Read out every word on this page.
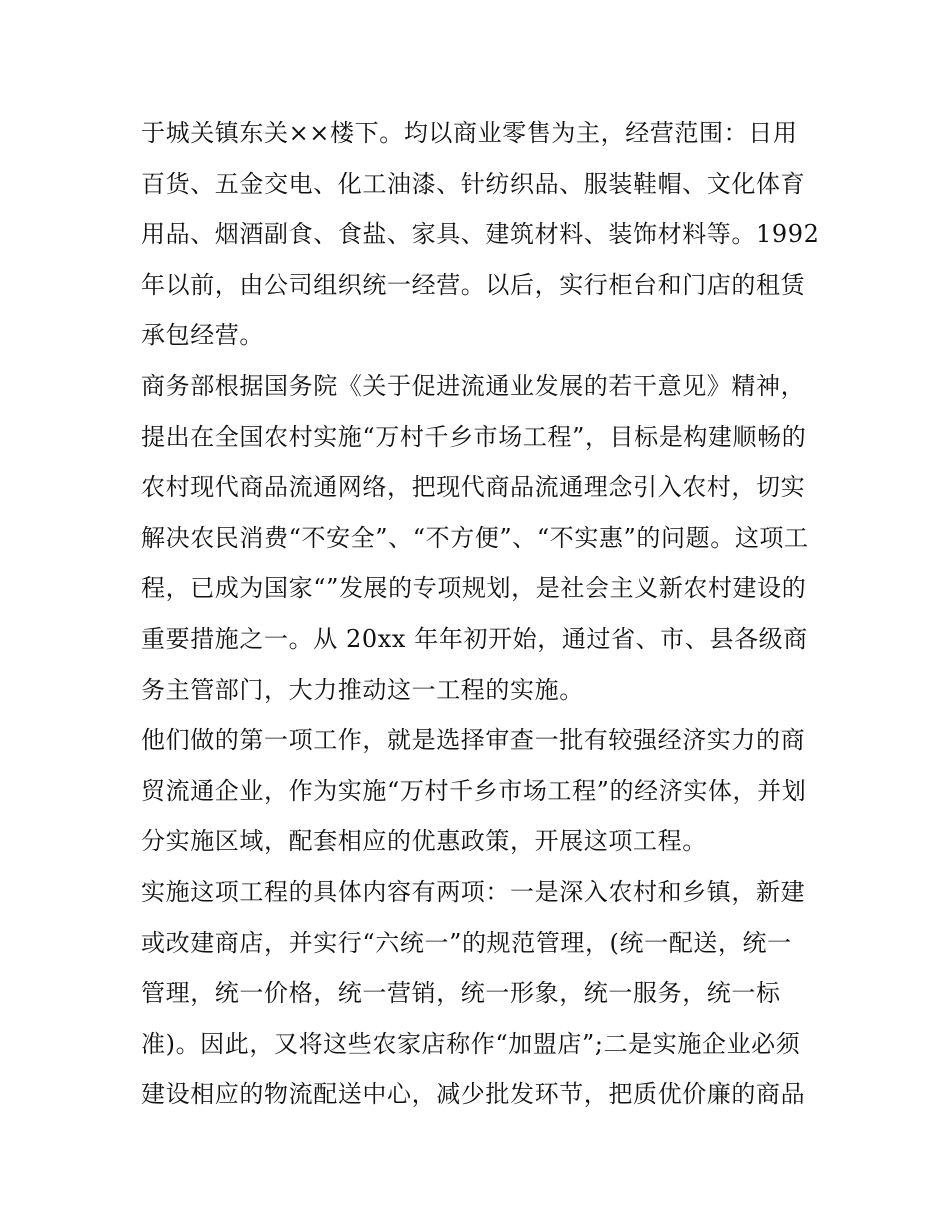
于城关镇东关××楼下。均以商业零售为主，经营范围：日用
百货、五金交电、化工油漆、针纺织品、服装鞋帽、文化体育
用品、烟酒副食、食盐、家具、建筑材料、装饰材料等。1992
年以前，由公司组织统一经营。以后，实行柜台和门店的租赁
承包经营。
商务部根据国务院《关于促进流通业发展的若干意见》精神，
提出在全国农村实施“万村千乡市场工程”，目标是构建顺畅的
农村现代商品流通网络，把现代商品流通理念引入农村，切实
解决农民消费“不安全”、“不方便”、“不实惠”的问题。这项工
程，已成为国家“”发展的专项规划，是社会主义新农村建设的
重要措施之一。从 20xx 年年初开始，通过省、市、县各级商
务主管部门，大力推动这一工程的实施。
他们做的第一项工作，就是选择审查一批有较强经济实力的商
贸流通企业，作为实施“万村千乡市场工程”的经济实体，并划
分实施区域，配套相应的优惠政策，开展这项工程。
实施这项工程的具体内容有两项：一是深入农村和乡镇，新建
或改建商店，并实行“六统一”的规范管理，(统一配送，统一
管理，统一价格，统一营销，统一形象，统一服务，统一标
准)。因此，又将这些农家店称作“加盟店”;二是实施企业必须
建设相应的物流配送中心，减少批发环节，把质优价廉的商品
